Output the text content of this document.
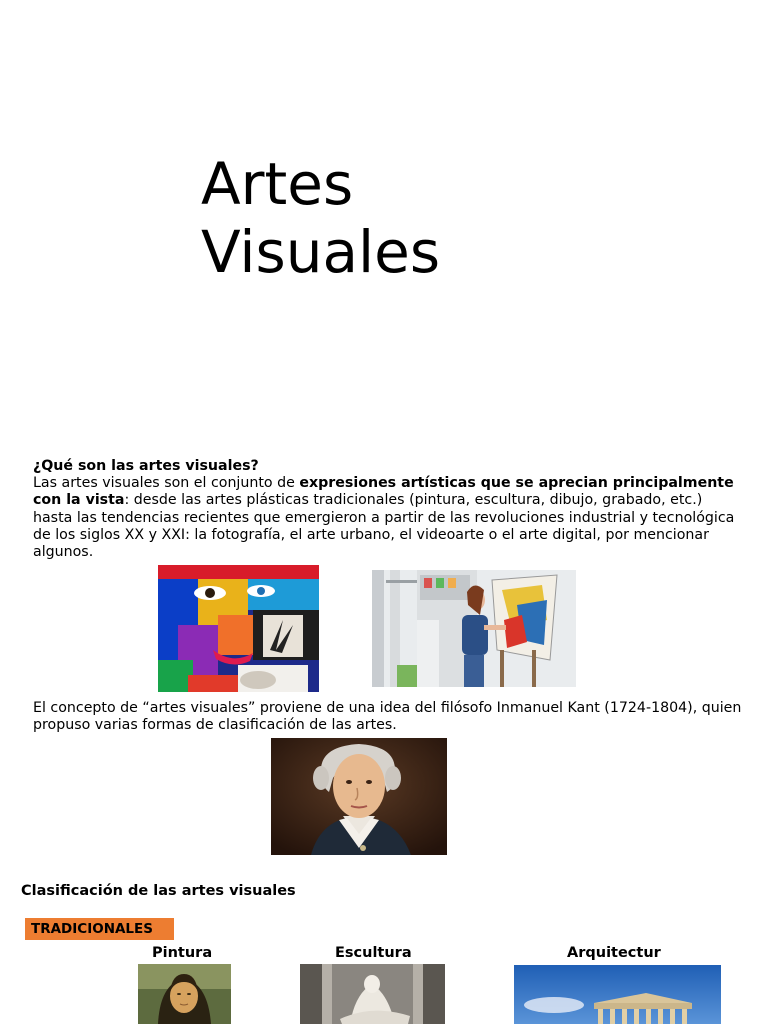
Artes
Visuales
¿Qué son las artes visuales?
Las artes visuales son el conjunto de expresiones artísticas que se aprecian principalmente con la vista: desde las artes plásticas tradicionales (pintura, escultura, dibujo, grabado, etc.) hasta las tendencias recientes que emergieron a partir de las revoluciones industrial y tecnológica de los siglos XX y XXI: la fotografía, el arte urbano, el videoarte o el arte digital, por mencionar algunos.
El concepto de “artes visuales” proviene de una idea del filósofo Inmanuel Kant (1724-1804), quien propuso varias formas de clasificación de las artes.
Clasificación de las artes visuales
TRADICIONALES
Pintura	Escultura	Arquitectur
